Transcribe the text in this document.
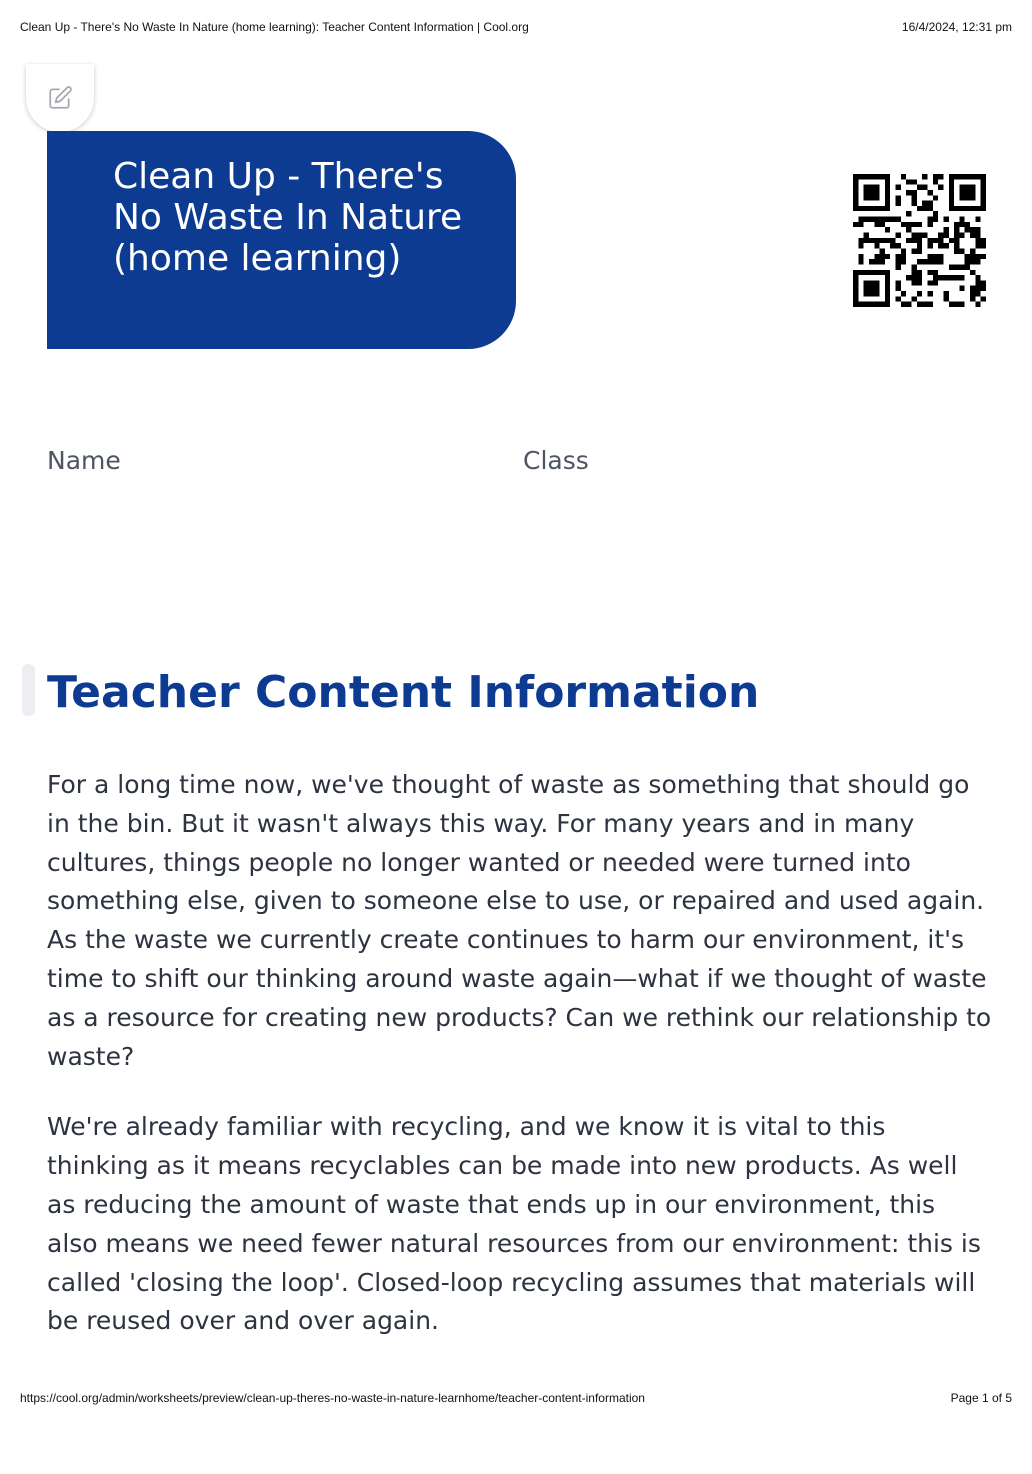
Clean Up - There's No Waste In Nature (home learning): Teacher Content Information | Cool.org	16/4/2024, 12:31 pm
Clean Up - There's No Waste In Nature (home learning)
Name	Class
Teacher Content Information

For a long time now, we've thought of waste as something that should go in the bin. But it wasn't always this way. For many years and in many cultures, things people no longer wanted or needed were turned into something else, given to someone else to use, or repaired and used again. As the waste we currently create continues to harm our environment, it's time to shift our thinking around waste again—what if we thought of waste as a resource for creating new products? Can we rethink our relationship to waste?

We're already familiar with recycling, and we know it is vital to this thinking as it means recyclables can be made into new products. As well as reducing the amount of waste that ends up in our environment, this also means we need fewer natural resources from our environment: this is called 'closing the loop'. Closed-loop recycling assumes that materials will be reused over and over again.

https://cool.org/admin/worksheets/preview/clean-up-theres-no-waste-in-nature-learnhome/teacher-content-information	Page 1 of 5
